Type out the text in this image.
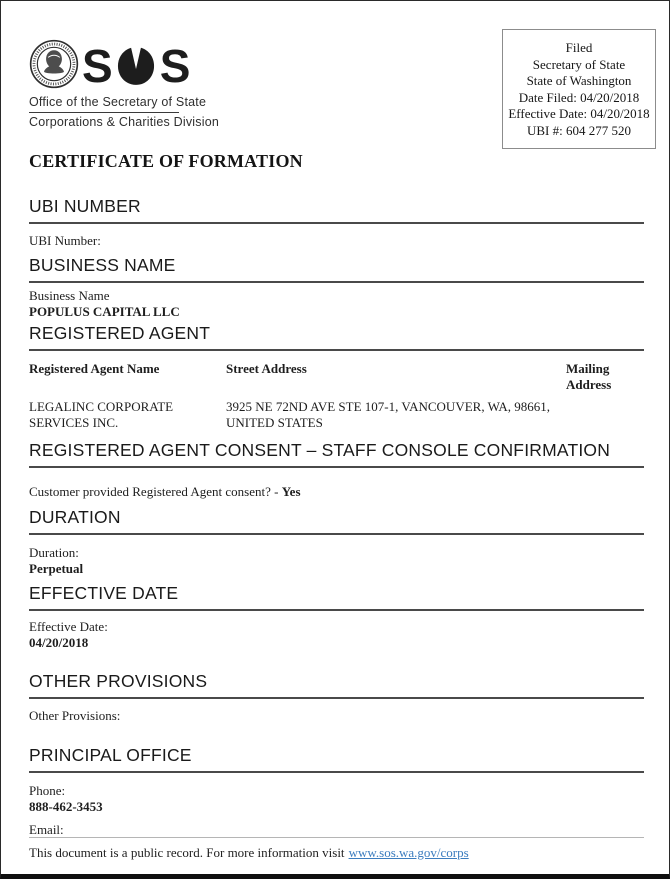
S S
Office of the Secretary of State
Corporations & Charities Division
Filed
Secretary of State
State of Washington
Date Filed: 04/20/2018
Effective Date: 04/20/2018
UBI #: 604 277 520
CERTIFICATE OF FORMATION
UBI NUMBER
UBI Number:
BUSINESS NAME
Business Name
POPULUS CAPITAL LLC
REGISTERED AGENT
Registered Agent Name	Street Address	Mailing Address
LEGALINC CORPORATE SERVICES INC.
3925 NE 72ND AVE STE 107-1, VANCOUVER, WA, 98661, UNITED STATES
REGISTERED AGENT CONSENT – STAFF CONSOLE CONFIRMATION
Customer provided Registered Agent consent? - Yes
DURATION
Duration:
Perpetual
EFFECTIVE DATE
Effective Date:
04/20/2018
OTHER PROVISIONS
Other Provisions:
PRINCIPAL OFFICE
Phone:
888-462-3453
Email:
This document is a public record. For more information visit www.sos.wa.gov/corps
